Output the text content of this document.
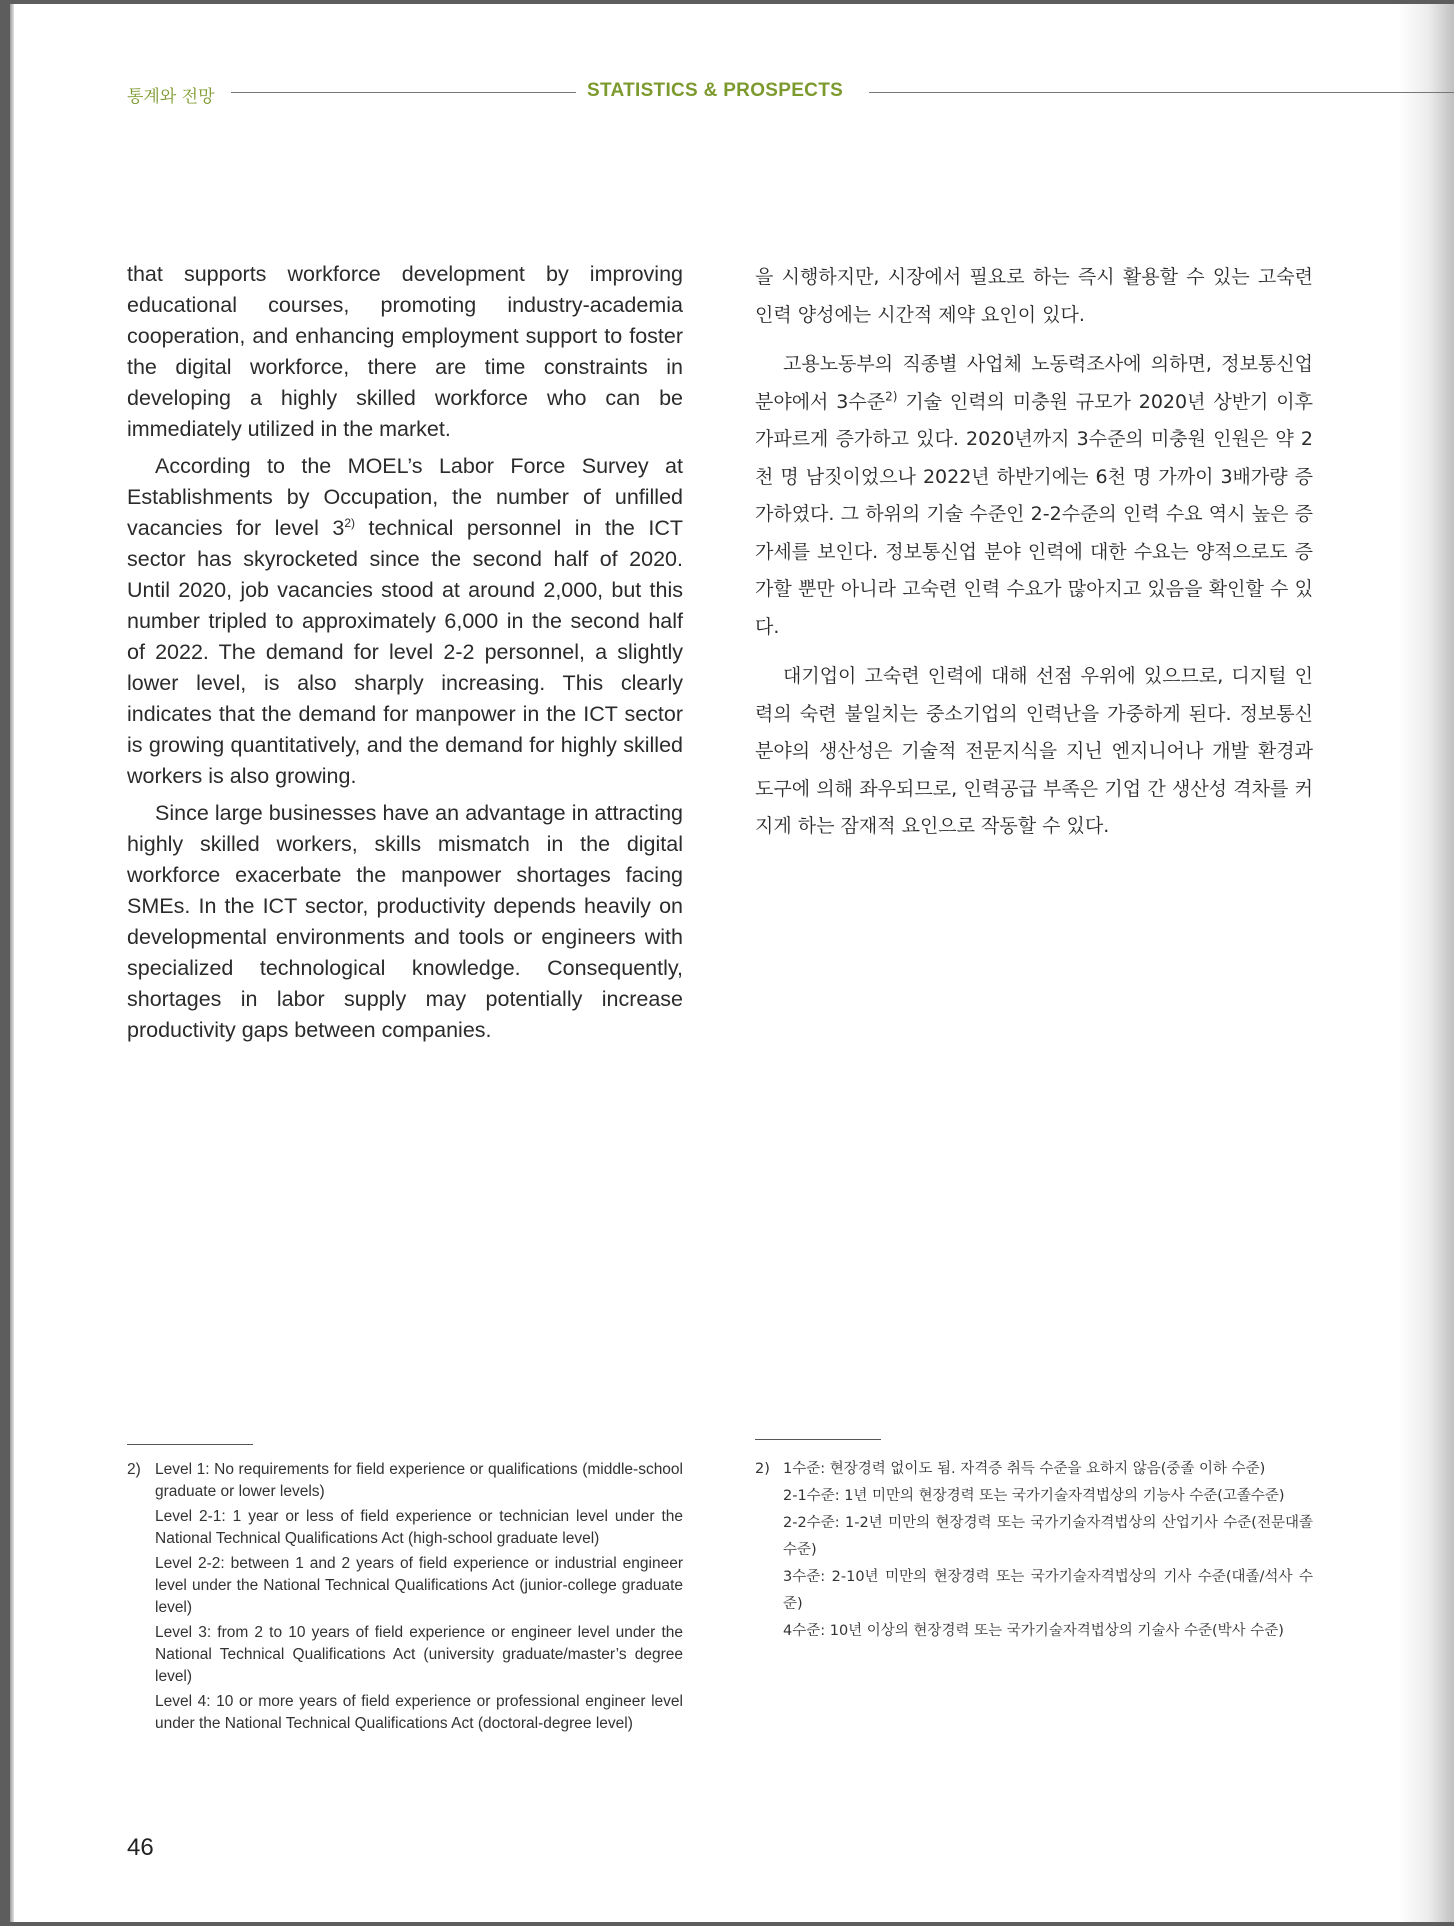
통계와 전망	STATISTICS & PROSPECTS

that supports workforce development by improving educational courses, promoting industry-academia cooperation, and enhancing employment support to foster the digital workforce, there are time constraints in developing a highly skilled workforce who can be immediately utilized in the market.

According to the MOEL’s Labor Force Survey at Establishments by Occupation, the number of unfilled vacancies for level 3$^{2)}$ technical personnel in the ICT sector has skyrocketed since the second half of 2020. Until 2020, job vacancies stood at around 2,000, but this number tripled to approximately 6,000 in the second half of 2022. The demand for level 2-2 personnel, a slightly lower level, is also sharply increasing. This clearly indicates that the demand for manpower in the ICT sector is growing quantitatively, and the demand for highly skilled workers is also growing.

Since large businesses have an advantage in attracting highly skilled workers, skills mismatch in the digital workforce exacerbate the manpower shortages facing SMEs. In the ICT sector, productivity depends heavily on developmental environments and tools or engineers with specialized technological knowledge. Consequently, shortages in labor supply may potentially increase productivity gaps between companies.

을 시행하지만, 시장에서 필요로 하는 즉시 활용할 수 있는 고숙련 인력 양성에는 시간적 제약 요인이 있다.

고용노동부의 직종별 사업체 노동력조사에 의하면, 정보통신업 분야에서 3수준$^{2)}$ 기술 인력의 미충원 규모가 2020년 상반기 이후 가파르게 증가하고 있다. 2020년까지 3수준의 미충원 인원은 약 2천 명 남짓이었으나 2022년 하반기에는 6천 명 가까이 3배가량 증가하였다. 그 하위의 기술 수준인 2-2수준의 인력 수요 역시 높은 증가세를 보인다. 정보통신업 분야 인력에 대한 수요는 양적으로도 증가할 뿐만 아니라 고숙련 인력 수요가 많아지고 있음을 확인할 수 있다.

대기업이 고숙련 인력에 대해 선점 우위에 있으므로, 디지털 인력의 숙련 불일치는 중소기업의 인력난을 가중하게 된다. 정보통신 분야의 생산성은 기술적 전문지식을 지닌 엔지니어나 개발 환경과 도구에 의해 좌우되므로, 인력공급 부족은 기업 간 생산성 격차를 커지게 하는 잠재적 요인으로 작동할 수 있다.

2) Level 1: No requirements for field experience or qualifications (middle-school graduate or lower levels)
Level 2-1: 1 year or less of field experience or technician level under the National Technical Qualifications Act (high-school graduate level)
Level 2-2: between 1 and 2 years of field experience or industrial engineer level under the National Technical Qualifications Act (junior-college graduate level)
Level 3: from 2 to 10 years of field experience or engineer level under the National Technical Qualifications Act (university graduate/master’s degree level)
Level 4: 10 or more years of field experience or professional engineer level under the National Technical Qualifications Act (doctoral-degree level)
2) 1수준: 현장경력 없이도 됨. 자격증 취득 수준을 요하지 않음(중졸 이하 수준)
2-1수준: 1년 미만의 현장경력 또는 국가기술자격법상의 기능사 수준(고졸수준)
2-2수준: 1-2년 미만의 현장경력 또는 국가기술자격법상의 산업기사 수준(전문대졸 수준)
3수준: 2-10년 미만의 현장경력 또는 국가기술자격법상의 기사 수준(대졸/석사 수준)
4수준: 10년 이상의 현장경력 또는 국가기술자격법상의 기술사 수준(박사 수준)
46
